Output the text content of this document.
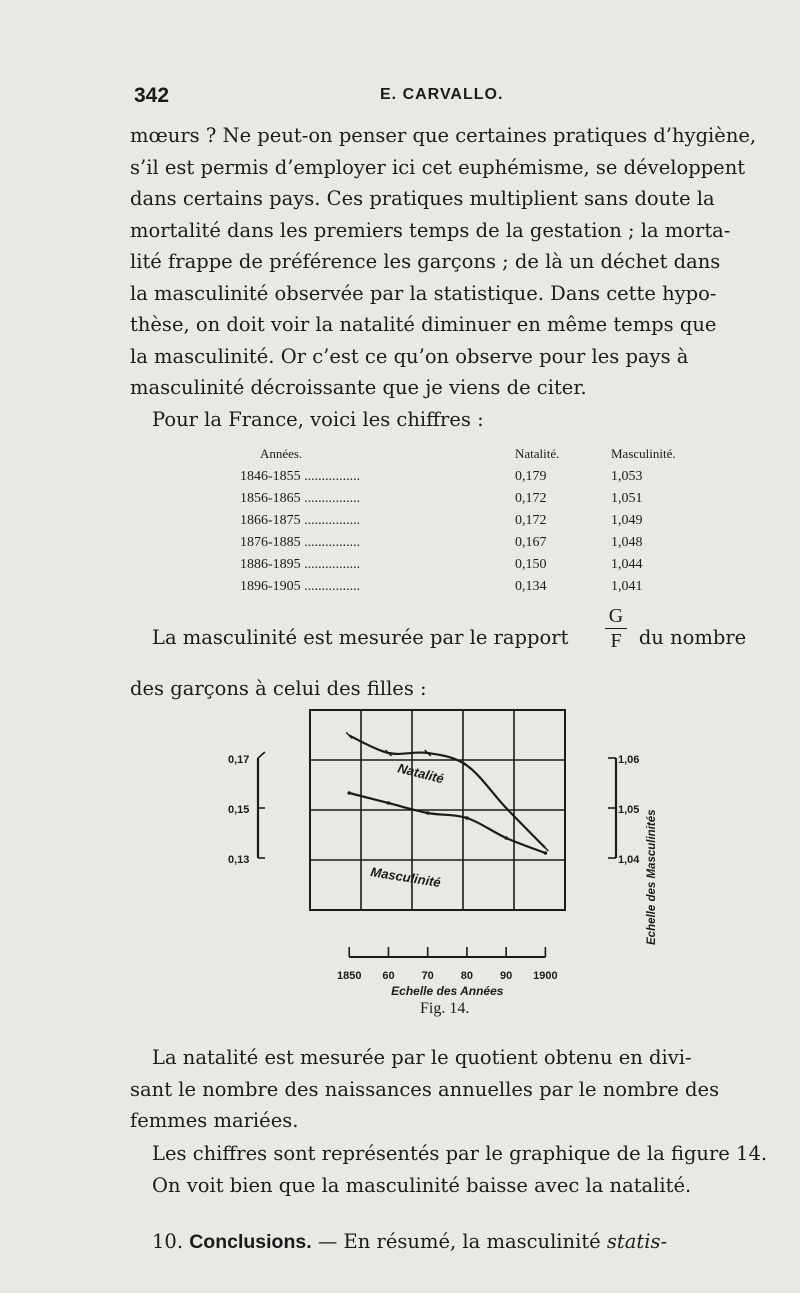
342	E. CARVALLO.

mœurs ? Ne peut-on penser que certaines pratiques d’hygiène,
s’il est permis d’employer ici cet euphémisme, se développent
dans certains pays. Ces pratiques multiplient sans doute la
mortalité dans les premiers temps de la gestation ; la morta-
lité frappe de préférence les garçons ; de là un déchet dans
la masculinité observée par la statistique. Dans cette hypo-
thèse, on doit voir la natalité diminuer en même temps que
la masculinité. Or c’est ce qu’on observe pour les pays à
masculinité décroissante que je viens de citer.

Pour la France, voici les chiffres :

Années.	Natalité.	Masculinité.
1846-1855 ................	0,179	1,053
1856-1865 ................	0,172	1,051
1866-1875 ................	0,172	1,049
1876-1885 ................	0,167	1,048
1886-1895 ................	0,150	1,044
1896-1905 ................	0,134	1,041

La masculinité est mesurée par le rapport	du nombre

$\frac{G}{F}$

des garçons à celui des filles :

0,17
0,15
0,13
1,06
1,05
1,04 Echelle des Masculinités
Natalité
Masculinité
1850 60 70 80 90 1900
Echelle des Années
Fig. 14.

La natalité est mesurée par le quotient obtenu en divi-
sant le nombre des naissances annuelles par le nombre des
femmes mariées.

Les chiffres sont représentés par le graphique de la figure 14.
On voit bien que la masculinité baisse avec la natalité.

10. Conclusions. — En résumé, la masculinité statis-
